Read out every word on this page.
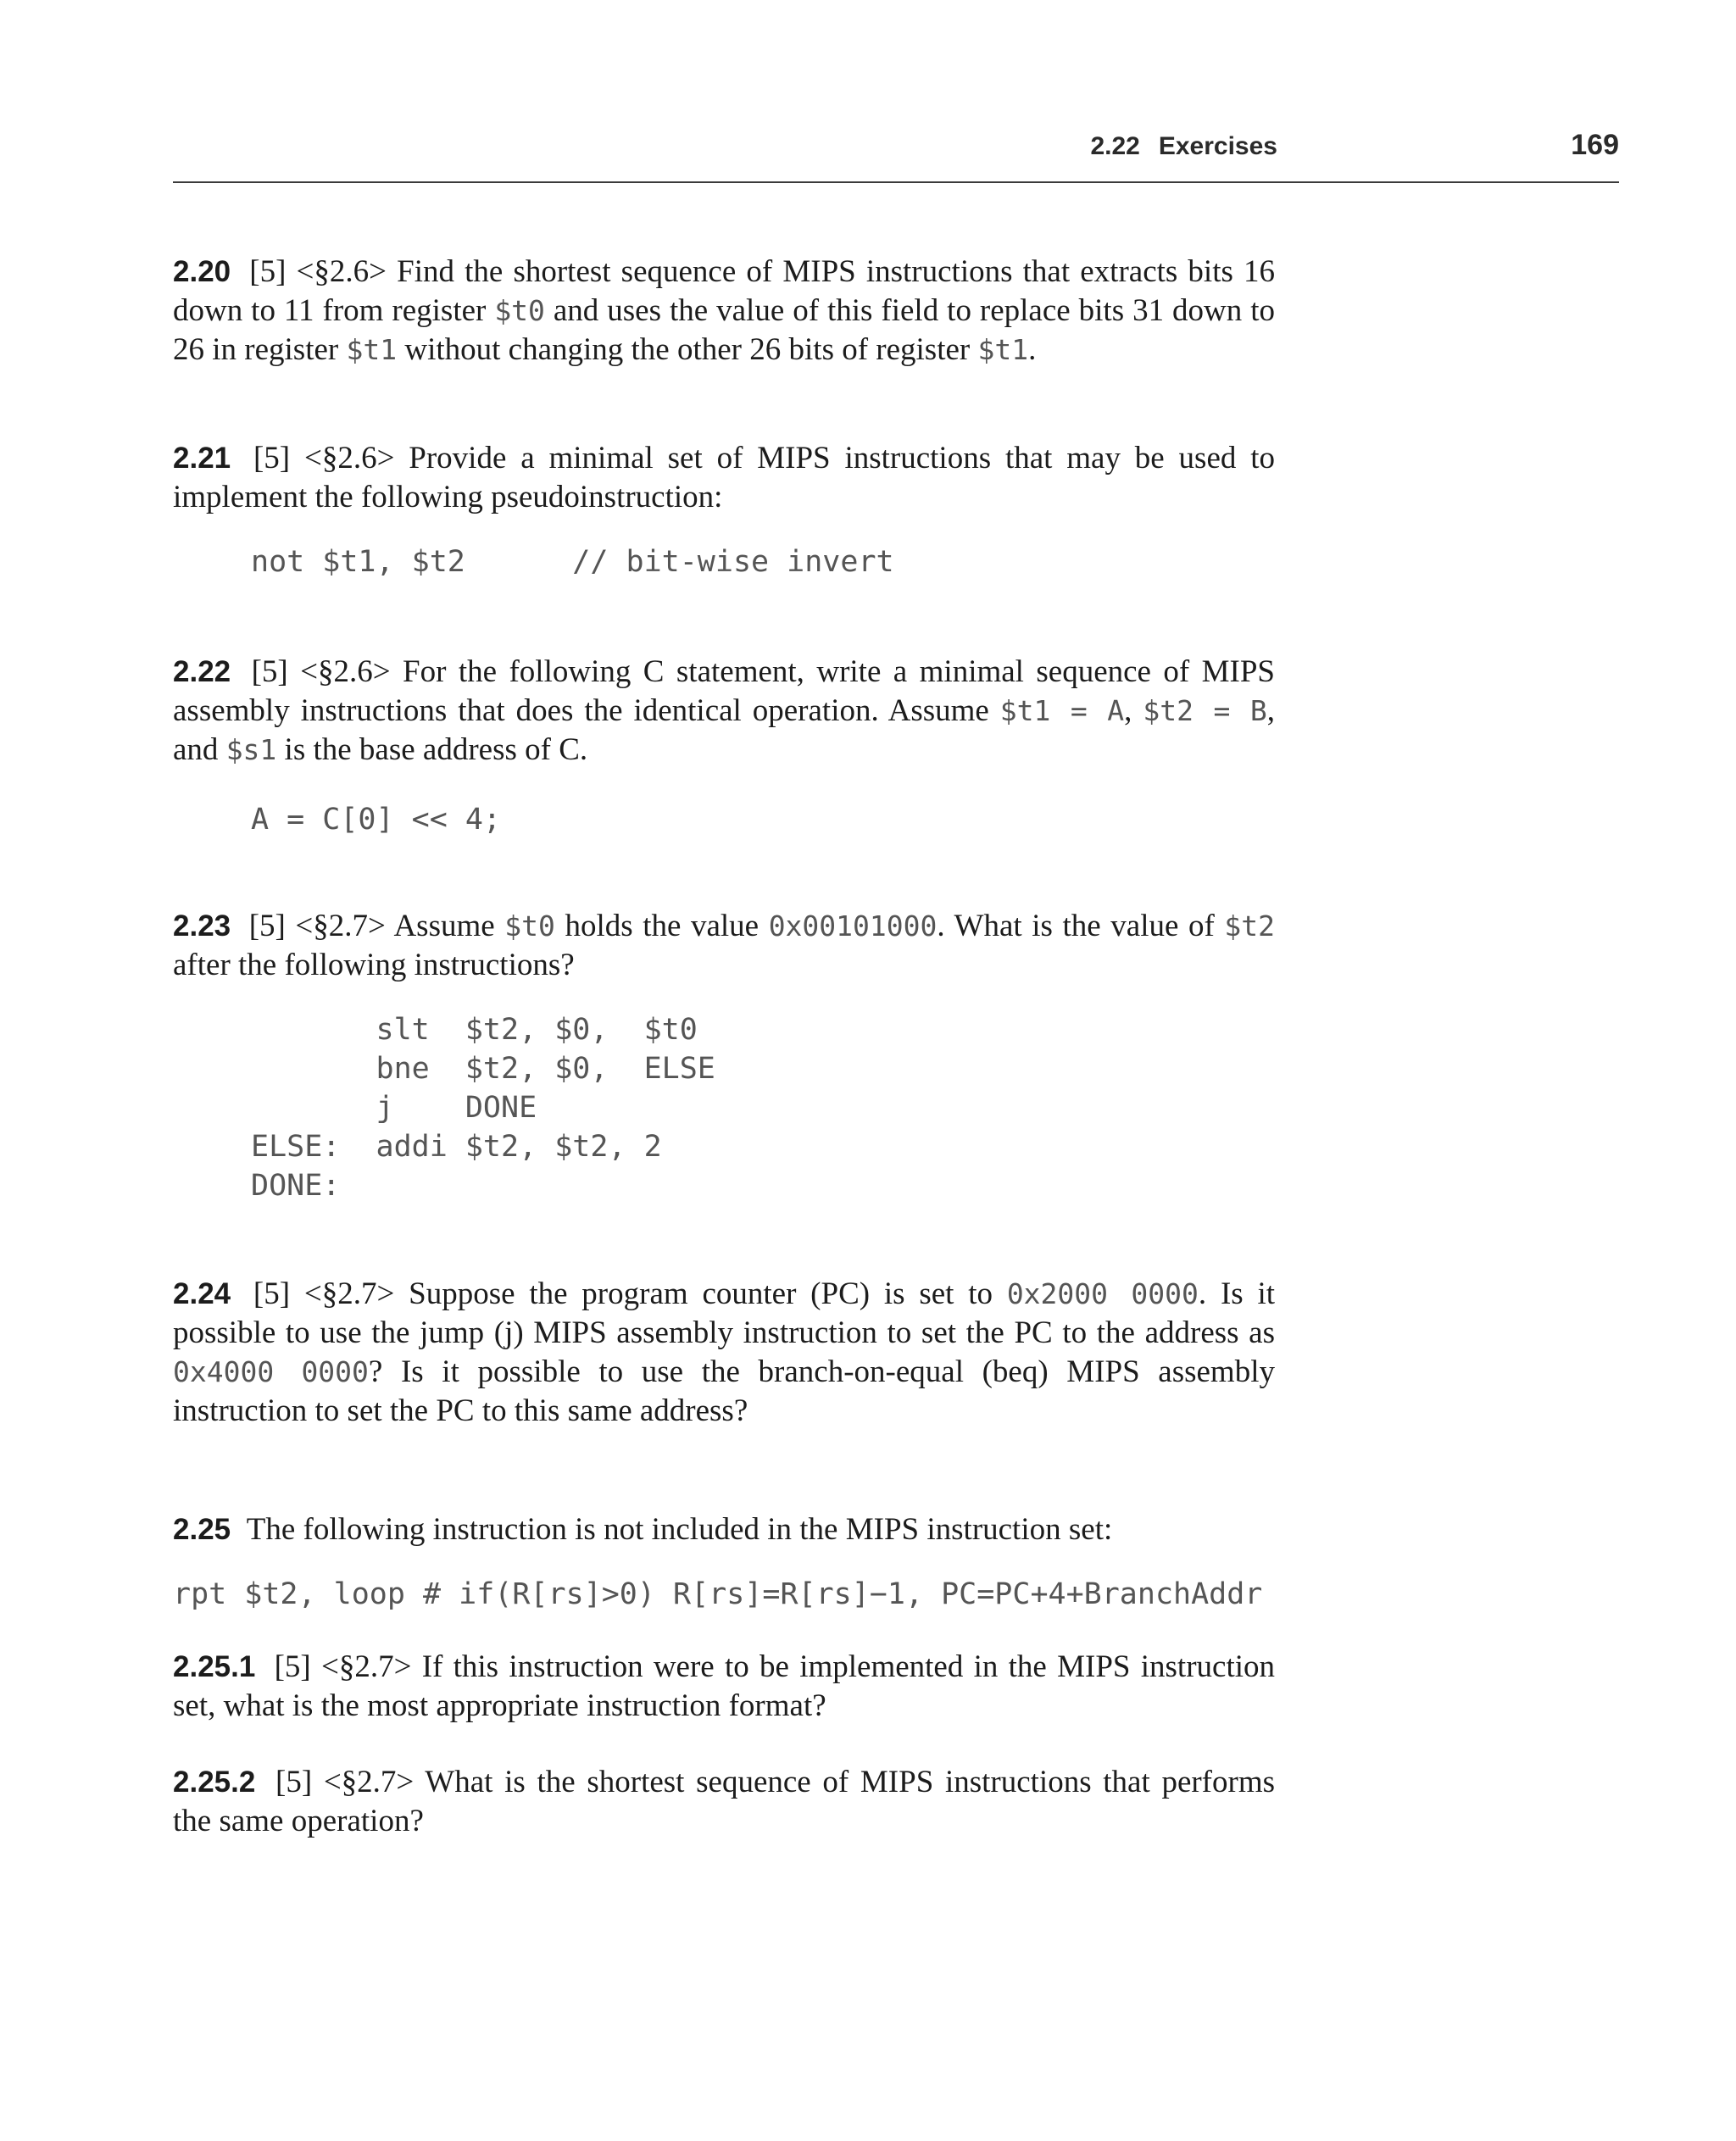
2.22 Exercises	169

2.20 [5] <§2.6> Find the shortest sequence of MIPS instructions that extracts bits 16 down to 11 from register $t0 and uses the value of this field to replace bits 31 down to 26 in register $t1 without changing the other 26 bits of register $t1.

2.21 [5] <§2.6> Provide a minimal set of MIPS instructions that may be used to implement the following pseudoinstruction:

not $t1, $t2      // bit-wise invert

2.22 [5] <§2.6> For the following C statement, write a minimal sequence of MIPS assembly instructions that does the identical operation. Assume $t1 = A, $t2 = B, and $s1 is the base address of C.

A = C[0] << 4;

2.23 [5] <§2.7> Assume $t0 holds the value 0x00101000. What is the value of $t2 after the following instructions?

slt  $t2, $0,  $t0
bne  $t2, $0,  ELSE
j    DONE
ELSE:  addi $t2, $t2, 2
DONE:

2.24 [5] <§2.7> Suppose the program counter (PC) is set to 0x2000 0000. Is it possible to use the jump (j) MIPS assembly instruction to set the PC to the address as 0x4000 0000? Is it possible to use the branch-on-equal (beq) MIPS assembly instruction to set the PC to this same address?

2.25 The following instruction is not included in the MIPS instruction set:

rpt $t2, loop # if(R[rs]>0) R[rs]=R[rs]−1, PC=PC+4+BranchAddr

2.25.1 [5] <§2.7> If this instruction were to be implemented in the MIPS instruction set, what is the most appropriate instruction format?

2.25.2 [5] <§2.7> What is the shortest sequence of MIPS instructions that performs the same operation?
